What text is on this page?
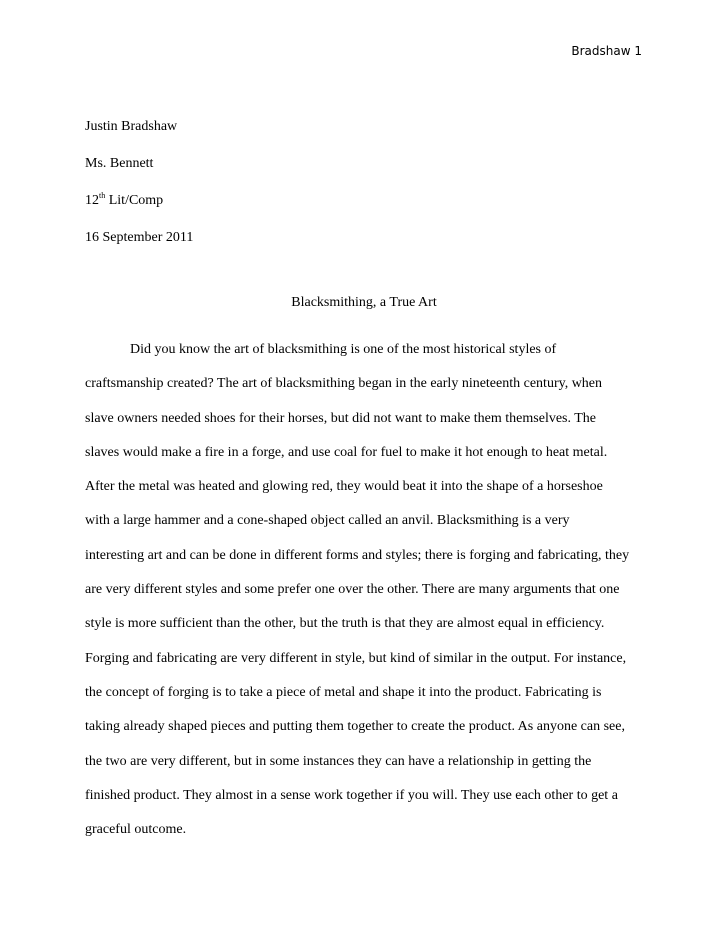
Bradshaw 1
Justin Bradshaw
Ms. Bennett
12th Lit/Comp
16 September 2011
Blacksmithing, a True Art
Did you know the art of blacksmithing is one of the most historical styles of
craftsmanship created? The art of blacksmithing began in the early nineteenth century, when
slave owners needed shoes for their horses, but did not want to make them themselves. The
slaves would make a fire in a forge, and use coal for fuel to make it hot enough to heat metal.
After the metal was heated and glowing red, they would beat it into the shape of a horseshoe
with a large hammer and a cone-shaped object called an anvil. Blacksmithing is a very
interesting art and can be done in different forms and styles; there is forging and fabricating, they
are very different styles and some prefer one over the other. There are many arguments that one
style is more sufficient than the other, but the truth is that they are almost equal in efficiency.
Forging and fabricating are very different in style, but kind of similar in the output. For instance,
the concept of forging is to take a piece of metal and shape it into the product. Fabricating is
taking already shaped pieces and putting them together to create the product. As anyone can see,
the two are very different, but in some instances they can have a relationship in getting the
finished product. They almost in a sense work together if you will. They use each other to get a
graceful outcome.
